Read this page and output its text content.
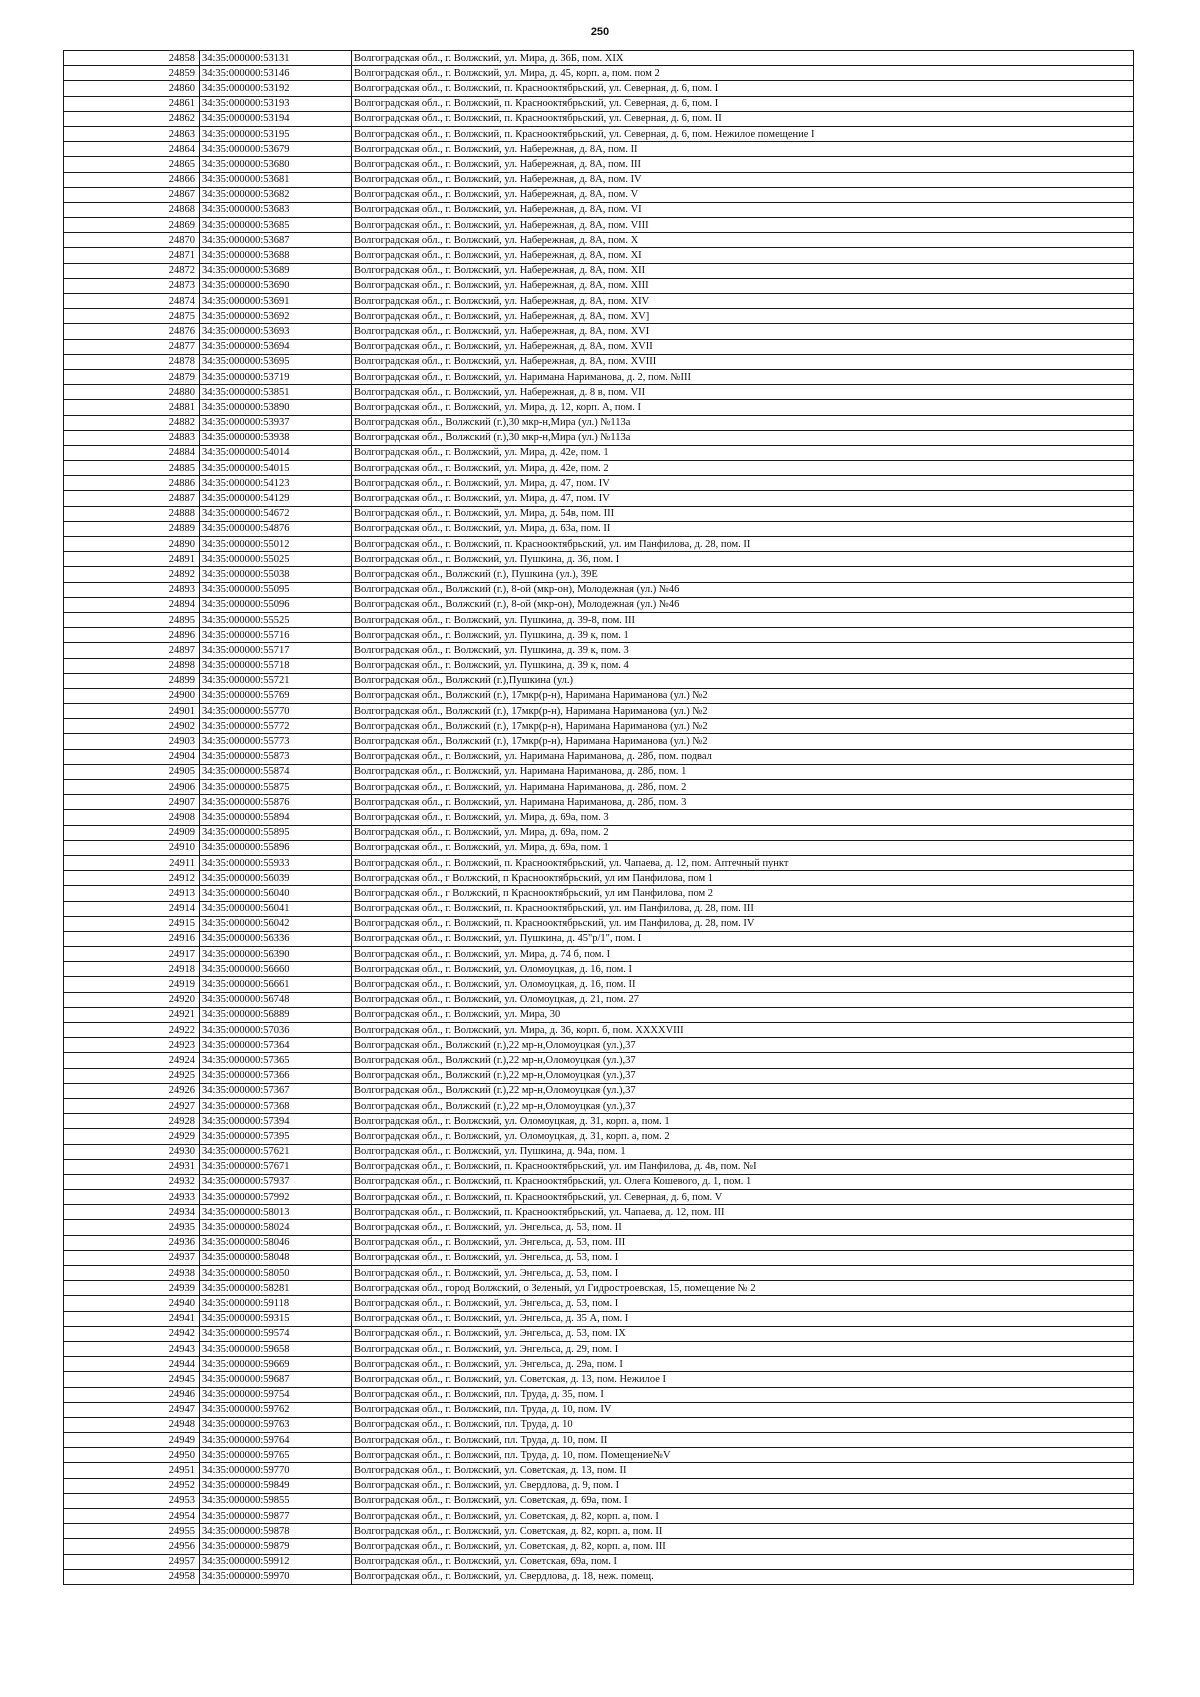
250
24858	34:35:000000:53131	Волгоградская обл., г. Волжский, ул. Мира, д. 36Б, пом. XIX
24859	34:35:000000:53146	Волгоградская обл., г. Волжский, ул. Мира, д. 45, корп. а, пом. пом 2
24860	34:35:000000:53192	Волгоградская обл., г. Волжский, п. Краснооктябрьский, ул. Северная, д. 6, пом. I
24861	34:35:000000:53193	Волгоградская обл., г. Волжский, п. Краснооктябрьский, ул. Северная, д. 6, пом. I
24862	34:35:000000:53194	Волгоградская обл., г. Волжский, п. Краснооктябрьский, ул. Северная, д. 6, пом. II
24863	34:35:000000:53195	Волгоградская обл., г. Волжский, п. Краснооктябрьский, ул. Северная, д. 6, пом. Нежилое помещение I
24864	34:35:000000:53679	Волгоградская обл., г. Волжский, ул. Набережная, д. 8А, пом. II
24865	34:35:000000:53680	Волгоградская обл., г. Волжский, ул. Набережная, д. 8А, пом. III
24866	34:35:000000:53681	Волгоградская обл., г. Волжский, ул. Набережная, д. 8А, пом. IV
24867	34:35:000000:53682	Волгоградская обл., г. Волжский, ул. Набережная, д. 8А, пом. V
24868	34:35:000000:53683	Волгоградская обл., г. Волжский, ул. Набережная, д. 8А, пом. VI
24869	34:35:000000:53685	Волгоградская обл., г. Волжский, ул. Набережная, д. 8А, пом. VIII
24870	34:35:000000:53687	Волгоградская обл., г. Волжский, ул. Набережная, д. 8А, пом. X
24871	34:35:000000:53688	Волгоградская обл., г. Волжский, ул. Набережная, д. 8А, пом. XI
24872	34:35:000000:53689	Волгоградская обл., г. Волжский, ул. Набережная, д. 8А, пом. XII
24873	34:35:000000:53690	Волгоградская обл., г. Волжский, ул. Набережная, д. 8А, пом. XIII
24874	34:35:000000:53691	Волгоградская обл., г. Волжский, ул. Набережная, д. 8А, пом. XIV
24875	34:35:000000:53692	Волгоградская обл., г. Волжский, ул. Набережная, д. 8А, пом. XV]
24876	34:35:000000:53693	Волгоградская обл., г. Волжский, ул. Набережная, д. 8А, пом. XVI
24877	34:35:000000:53694	Волгоградская обл., г. Волжский, ул. Набережная, д. 8А, пом. XVII
24878	34:35:000000:53695	Волгоградская обл., г. Волжский, ул. Набережная, д. 8А, пом. XVIII
24879	34:35:000000:53719	Волгоградская обл., г. Волжский, ул. Наримана Нариманова, д. 2, пом. №III
24880	34:35:000000:53851	Волгоградская обл., г. Волжский, ул. Набережная, д. 8 в, пом. VII
24881	34:35:000000:53890	Волгоградская обл., г. Волжский, ул. Мира, д. 12, корп. А, пом. I
24882	34:35:000000:53937	Волгоградская обл., Волжский (г.),30 мкр-н,Мира (ул.) №113а
24883	34:35:000000:53938	Волгоградская обл., Волжский (г.),30 мкр-н,Мира (ул.) №113а
24884	34:35:000000:54014	Волгоградская обл., г. Волжский, ул. Мира, д. 42е, пом. 1
24885	34:35:000000:54015	Волгоградская обл., г. Волжский, ул. Мира, д. 42е, пом. 2
24886	34:35:000000:54123	Волгоградская обл., г. Волжский, ул. Мира, д. 47, пом. IV
24887	34:35:000000:54129	Волгоградская обл., г. Волжский, ул. Мира, д. 47, пом. IV
24888	34:35:000000:54672	Волгоградская обл., г. Волжский, ул. Мира, д. 54в, пом. III
24889	34:35:000000:54876	Волгоградская обл., г. Волжский, ул. Мира, д. 63а, пом. II
24890	34:35:000000:55012	Волгоградская обл., г. Волжский, п. Краснооктябрьский, ул. им Панфилова, д. 28, пом. II
24891	34:35:000000:55025	Волгоградская обл., г. Волжский, ул. Пушкина, д. 36, пом. I
24892	34:35:000000:55038	Волгоградская обл., Волжский (г.), Пушкина (ул.), 39Е
24893	34:35:000000:55095	Волгоградская обл., Волжский (г.), 8-ой (мкр-он), Молодежная (ул.) №46
24894	34:35:000000:55096	Волгоградская обл., Волжский (г.), 8-ой (мкр-он), Молодежная (ул.) №46
24895	34:35:000000:55525	Волгоградская обл., г. Волжский, ул. Пушкина, д. 39-8, пом. III
24896	34:35:000000:55716	Волгоградская обл., г. Волжский, ул. Пушкина, д. 39 к, пом. 1
24897	34:35:000000:55717	Волгоградская обл., г. Волжский, ул. Пушкина, д. 39 к, пом. 3
24898	34:35:000000:55718	Волгоградская обл., г. Волжский, ул. Пушкина, д. 39 к, пом. 4
24899	34:35:000000:55721	Волгоградская обл., Волжский (г.),Пушкина (ул.)
24900	34:35:000000:55769	Волгоградская обл., Волжский (г.), 17мкр(р-н), Наримана Нариманова (ул.) №2
24901	34:35:000000:55770	Волгоградская обл., Волжский (г.), 17мкр(р-н), Наримана Нариманова (ул.) №2
24902	34:35:000000:55772	Волгоградская обл., Волжский (г.), 17мкр(р-н), Наримана Нариманова (ул.) №2
24903	34:35:000000:55773	Волгоградская обл., Волжский (г.), 17мкр(р-н), Наримана Нариманова (ул.) №2
24904	34:35:000000:55873	Волгоградская обл., г. Волжский, ул. Наримана Нариманова, д. 28б, пом. подвал
24905	34:35:000000:55874	Волгоградская обл., г. Волжский, ул. Наримана Нариманова, д. 28б, пом. 1
24906	34:35:000000:55875	Волгоградская обл., г. Волжский, ул. Наримана Нариманова, д. 28б, пом. 2
24907	34:35:000000:55876	Волгоградская обл., г. Волжский, ул. Наримана Нариманова, д. 28б, пом. 3
24908	34:35:000000:55894	Волгоградская обл., г. Волжский, ул. Мира, д. 69а, пом. 3
24909	34:35:000000:55895	Волгоградская обл., г. Волжский, ул. Мира, д. 69а, пом. 2
24910	34:35:000000:55896	Волгоградская обл., г. Волжский, ул. Мира, д. 69а, пом. 1
24911	34:35:000000:55933	Волгоградская обл., г. Волжский, п. Краснооктябрьский, ул. Чапаева, д. 12, пом. Аптечный пункт
24912	34:35:000000:56039	Волгоградская обл., г Волжский, п Краснооктябрьский, ул им Панфилова, пом 1
24913	34:35:000000:56040	Волгоградская обл., г Волжский, п Краснооктябрьский, ул им Панфилова, пом 2
24914	34:35:000000:56041	Волгоградская обл., г. Волжский, п. Краснооктябрьский, ул. им Панфилова, д. 28, пом. III
24915	34:35:000000:56042	Волгоградская обл., г. Волжский, п. Краснооктябрьский, ул. им Панфилова, д. 28, пом. IV
24916	34:35:000000:56336	Волгоградская обл., г. Волжский, ул. Пушкина, д. 45"р/1", пом. I
24917	34:35:000000:56390	Волгоградская обл., г. Волжский, ул. Мира, д. 74 б, пом. I
24918	34:35:000000:56660	Волгоградская обл., г. Волжский, ул. Оломоуцкая, д. 16, пом. I
24919	34:35:000000:56661	Волгоградская обл., г. Волжский, ул. Оломоуцкая, д. 16, пом. II
24920	34:35:000000:56748	Волгоградская обл., г. Волжский, ул. Оломоуцкая, д. 21, пом. 27
24921	34:35:000000:56889	Волгоградская обл., г. Волжский, ул. Мира, 30
24922	34:35:000000:57036	Волгоградская обл., г. Волжский, ул. Мира, д. 36, корп. б, пом. XXXXVIII
24923	34:35:000000:57364	Волгоградская обл., Волжский (г.),22 мр-н,Оломоуцкая (ул.),37
24924	34:35:000000:57365	Волгоградская обл., Волжский (г.),22 мр-н,Оломоуцкая (ул.),37
24925	34:35:000000:57366	Волгоградская обл., Волжский (г.),22 мр-н,Оломоуцкая (ул.),37
24926	34:35:000000:57367	Волгоградская обл., Волжский (г.),22 мр-н,Оломоуцкая (ул.),37
24927	34:35:000000:57368	Волгоградская обл., Волжский (г.),22 мр-н,Оломоуцкая (ул.),37
24928	34:35:000000:57394	Волгоградская обл., г. Волжский, ул. Оломоуцкая, д. 31, корп. а, пом. 1
24929	34:35:000000:57395	Волгоградская обл., г. Волжский, ул. Оломоуцкая, д. 31, корп. а, пом. 2
24930	34:35:000000:57621	Волгоградская обл., г. Волжский, ул. Пушкина, д. 94а, пом. 1
24931	34:35:000000:57671	Волгоградская обл., г. Волжский, п. Краснооктябрьский, ул. им Панфилова, д. 4в, пом. №I
24932	34:35:000000:57937	Волгоградская обл., г. Волжский, п. Краснооктябрьский, ул. Олега Кошевого, д. 1, пом. 1
24933	34:35:000000:57992	Волгоградская обл., г. Волжский, п. Краснооктябрьский, ул. Северная, д. 6, пом. V
24934	34:35:000000:58013	Волгоградская обл., г. Волжский, п. Краснооктябрьский, ул. Чапаева, д. 12, пом. III
24935	34:35:000000:58024	Волгоградская обл., г. Волжский, ул. Энгельса, д. 53, пом. II
24936	34:35:000000:58046	Волгоградская обл., г. Волжский, ул. Энгельса, д. 53, пом. III
24937	34:35:000000:58048	Волгоградская обл., г. Волжский, ул. Энгельса, д. 53, пом. I
24938	34:35:000000:58050	Волгоградская обл., г. Волжский, ул. Энгельса, д. 53, пом. I
24939	34:35:000000:58281	Волгоградская обл., город Волжский, о Зеленый, ул Гидростроевская, 15, помещение № 2
24940	34:35:000000:59118	Волгоградская обл., г. Волжский, ул. Энгельса, д. 53, пом. I
24941	34:35:000000:59315	Волгоградская обл., г. Волжский, ул. Энгельса, д. 35 А, пом. I
24942	34:35:000000:59574	Волгоградская обл., г. Волжский, ул. Энгельса, д. 53, пом. IX
24943	34:35:000000:59658	Волгоградская обл., г. Волжский, ул. Энгельса, д. 29, пом. I
24944	34:35:000000:59669	Волгоградская обл., г. Волжский, ул. Энгельса, д. 29а, пом. I
24945	34:35:000000:59687	Волгоградская обл., г. Волжский, ул. Советская, д. 13, пом. Нежилое I
24946	34:35:000000:59754	Волгоградская обл., г. Волжский, пл. Труда, д. 35, пом. I
24947	34:35:000000:59762	Волгоградская обл., г. Волжский, пл. Труда, д. 10, пом. IV
24948	34:35:000000:59763	Волгоградская обл., г. Волжский, пл. Труда, д. 10
24949	34:35:000000:59764	Волгоградская обл., г. Волжский, пл. Труда, д. 10, пом. II
24950	34:35:000000:59765	Волгоградская обл., г. Волжский, пл. Труда, д. 10, пом. Помещение№V
24951	34:35:000000:59770	Волгоградская обл., г. Волжский, ул. Советская, д. 13, пом. II
24952	34:35:000000:59849	Волгоградская обл., г. Волжский, ул. Свердлова, д. 9, пом. I
24953	34:35:000000:59855	Волгоградская обл., г. Волжский, ул. Советская, д. 69а, пом. I
24954	34:35:000000:59877	Волгоградская обл., г. Волжский, ул. Советская, д. 82, корп. а, пом. I
24955	34:35:000000:59878	Волгоградская обл., г. Волжский, ул. Советская, д. 82, корп. а, пом. II
24956	34:35:000000:59879	Волгоградская обл., г. Волжский, ул. Советская, д. 82, корп. а, пом. III
24957	34:35:000000:59912	Волгоградская обл., г. Волжский, ул. Советская, 69а, пом. I
24958	34:35:000000:59970	Волгоградская обл., г. Волжский, ул. Свердлова, д. 18, неж. помещ.
